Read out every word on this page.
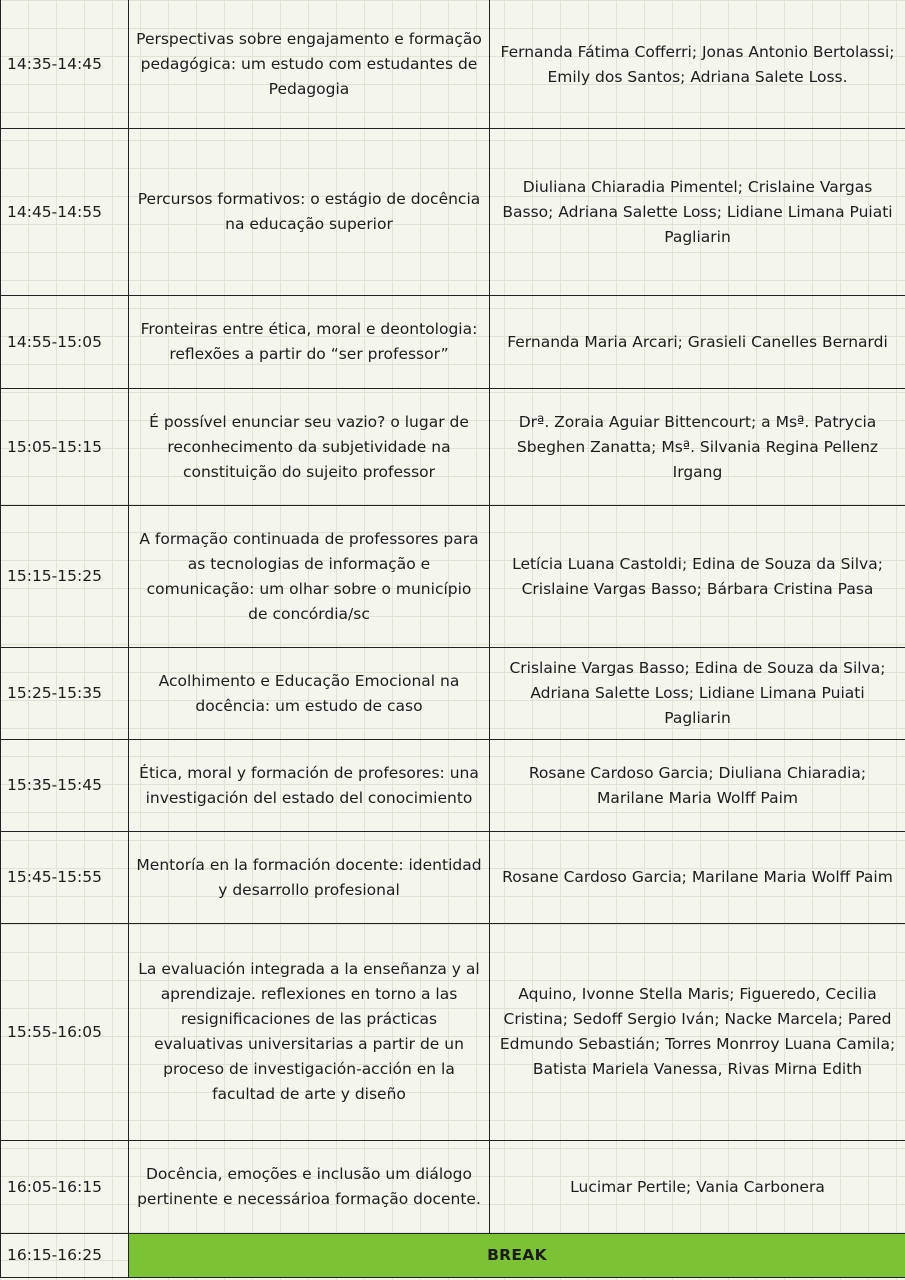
14:35-14:45	Perspectivas sobre engajamento e formação pedagógica: um estudo com estudantes de Pedagogia	Fernanda Fátima Cofferri; Jonas Antonio Bertolassi; Emily dos Santos; Adriana Salete Loss.
14:45-14:55	Percursos formativos: o estágio de docência na educação superior	Diuliana Chiaradia Pimentel; Crislaine Vargas Basso; Adriana Salette Loss; Lidiane Limana Puiati Pagliarin
14:55-15:05	Fronteiras entre ética, moral e deontologia: reflexões a partir do “ser professor”	Fernanda Maria Arcari; Grasieli Canelles Bernardi
15:05-15:15	É possível enunciar seu vazio? o lugar de reconhecimento da subjetividade na constituição do sujeito professor	Drª. Zoraia Aguiar Bittencourt; a Msª. Patrycia Sbeghen Zanatta; Msª. Silvania Regina Pellenz Irgang
15:15-15:25	A formação continuada de professores para as tecnologias de informação e comunicação: um olhar sobre o município de concórdia/sc	Letícia Luana Castoldi; Edina de Souza da Silva; Crislaine Vargas Basso; Bárbara Cristina Pasa
15:25-15:35	Acolhimento e Educação Emocional na docência: um estudo de caso	Crislaine Vargas Basso; Edina de Souza da Silva; Adriana Salette Loss; Lidiane Limana Puiati Pagliarin
15:35-15:45	Ética, moral y formación de profesores: una investigación del estado del conocimiento	Rosane Cardoso Garcia; Diuliana Chiaradia; Marilane Maria Wolff Paim
15:45-15:55	Mentoría en la formación docente: identidad y desarrollo profesional	Rosane Cardoso Garcia; Marilane Maria Wolff Paim
15:55-16:05	La evaluación integrada a la enseñanza y al aprendizaje. reflexiones en torno a las resignificaciones de las prácticas evaluativas universitarias a partir de un proceso de investigación-acción en la facultad de arte y diseño	Aquino, Ivonne Stella Maris; Figueredo, Cecilia Cristina; Sedoff Sergio Iván; Nacke Marcela; Pared Edmundo Sebastián; Torres Monrroy Luana Camila; Batista Mariela Vanessa, Rivas Mirna Edith
16:05-16:15	Docência, emoções e inclusão um diálogo pertinente e necessárioa formação docente.	Lucimar Pertile; Vania Carbonera
16:15-16:25	BREAK	
